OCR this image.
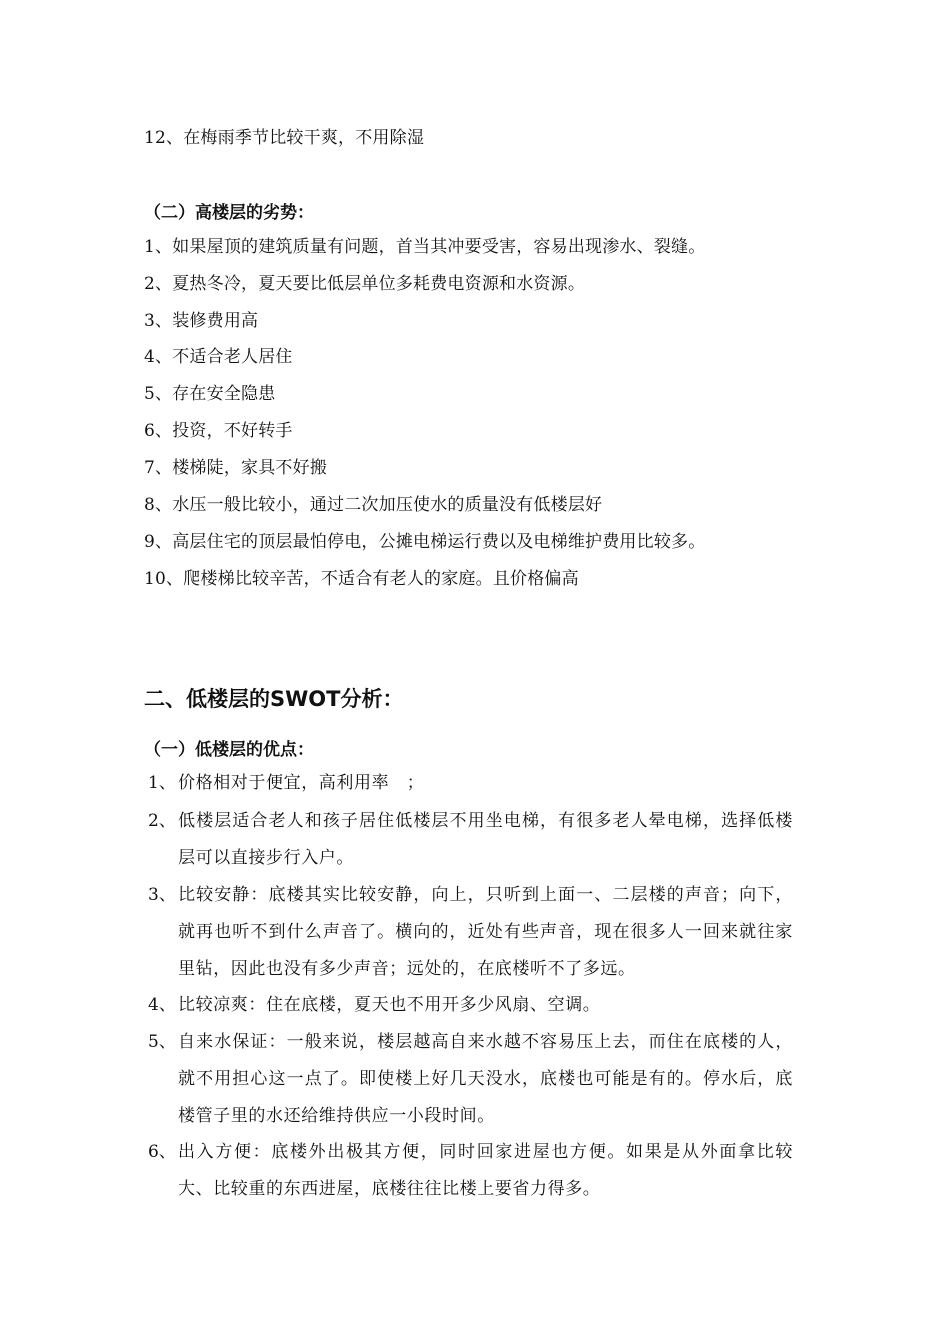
12、在梅雨季节比较干爽，不用除湿
（二）高楼层的劣势：
1、如果屋顶的建筑质量有问题，首当其冲要受害，容易出现渗水、裂缝。
2、夏热冬冷，夏天要比低层单位多耗费电资源和水资源。
3、装修费用高
4、不适合老人居住
5、存在安全隐患
6、投资，不好转手
7、楼梯陡，家具不好搬
8、水压一般比较小，通过二次加压使水的质量没有低楼层好
9、高层住宅的顶层最怕停电，公摊电梯运行费以及电梯维护费用比较多。
10、爬楼梯比较辛苦，不适合有老人的家庭。且价格偏高
二、低楼层的SWOT分析：
（一）低楼层的优点：
1、 价格相对于便宜，高利用率　；
2、 低楼层适合老人和孩子居住低楼层不用坐电梯，有很多老人晕电梯，选择低楼层可以直接步行入户。
3、 比较安静：底楼其实比较安静，向上，只听到上面一、二层楼的声音；向下，就再也听不到什么声音了。横向的，近处有些声音，现在很多人一回来就往家里钻，因此也没有多少声音；远处的，在底楼听不了多远。
4、 比较凉爽：住在底楼，夏天也不用开多少风扇、空调。
5、 自来水保证：一般来说，楼层越高自来水越不容易压上去，而住在底楼的人，就不用担心这一点了。即使楼上好几天没水，底楼也可能是有的。停水后，底楼管子里的水还给维持供应一小段时间。
6、 出入方便：底楼外出极其方便，同时回家进屋也方便。如果是从外面拿比较大、比较重的东西进屋，底楼往往比楼上要省力得多。
